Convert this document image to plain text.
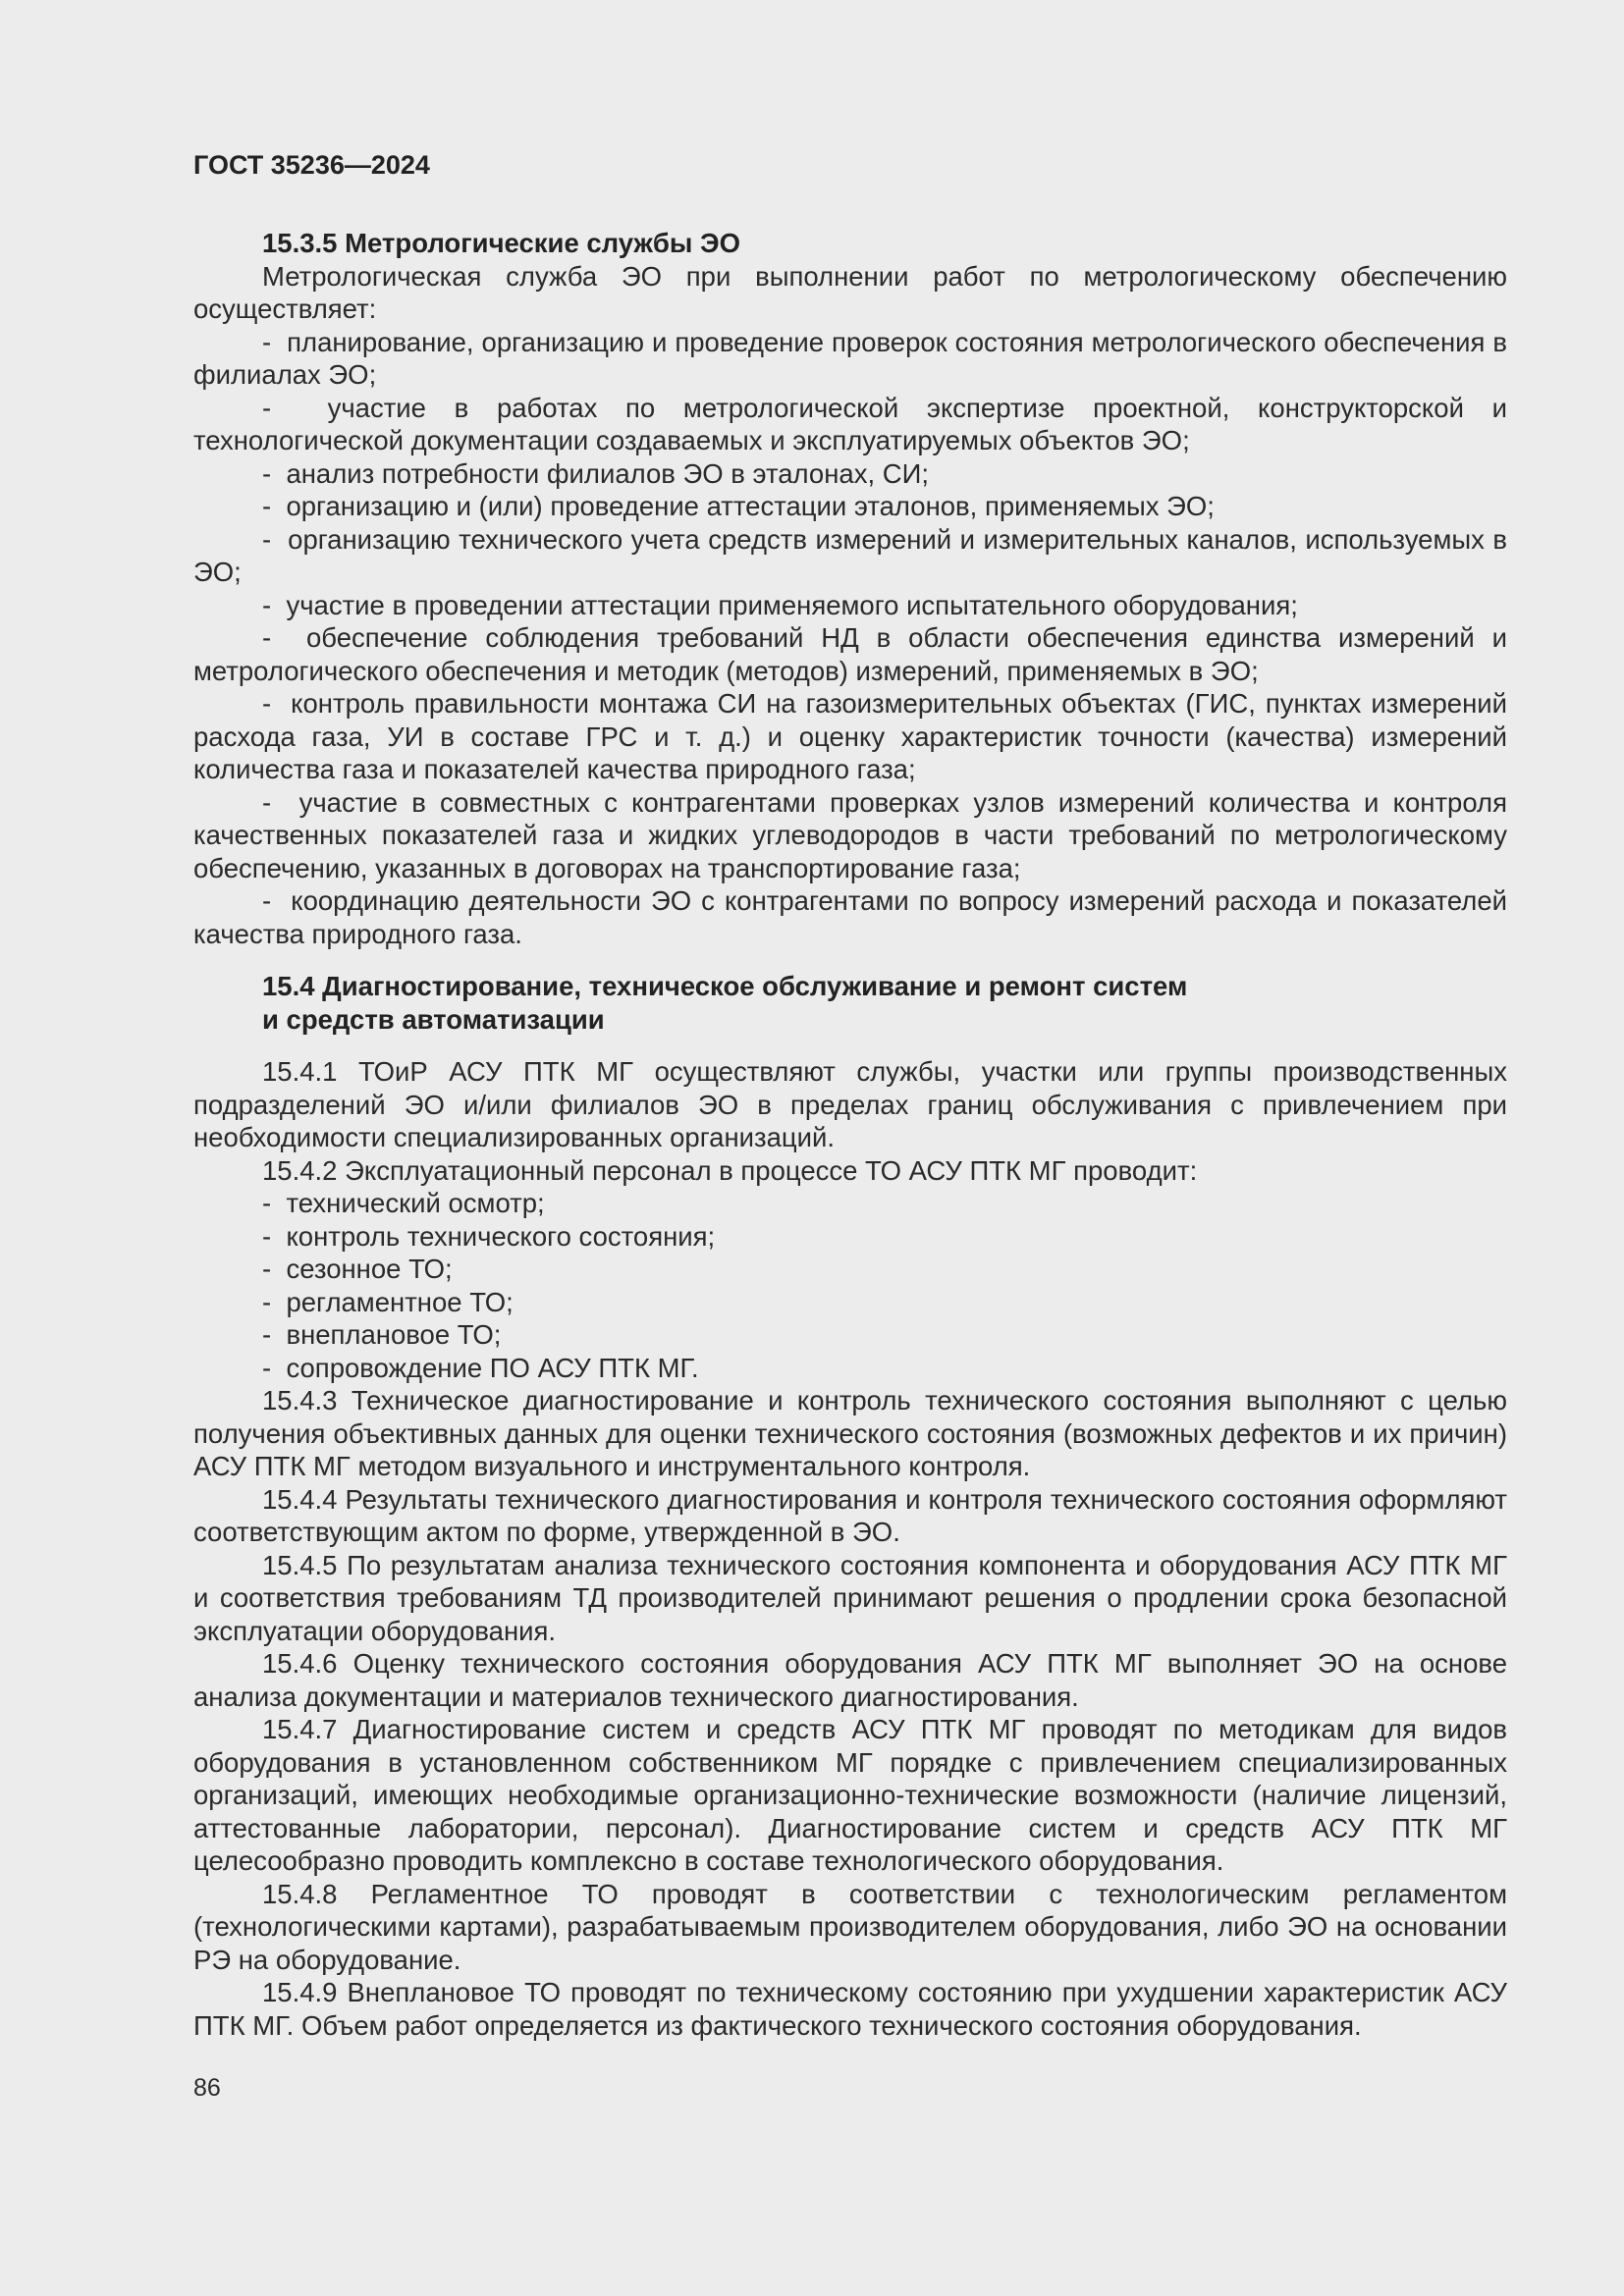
ГОСТ 35236—2024
15.3.5 Метрологические службы ЭО

Метрологическая служба ЭО при выполнении работ по метрологическому обеспечению осуществляет:

-  планирование, организацию и проведение проверок состояния метрологического обеспечения в филиалах ЭО;
-  участие в работах по метрологической экспертизе проектной, конструкторской и технологической документации создаваемых и эксплуатируемых объектов ЭО;
-  анализ потребности филиалов ЭО в эталонах, СИ;
-  организацию и (или) проведение аттестации эталонов, применяемых ЭО;
-  организацию технического учета средств измерений и измерительных каналов, используемых в ЭО;
-  участие в проведении аттестации применяемого испытательного оборудования;
-  обеспечение соблюдения требований НД в области обеспечения единства измерений и метрологического обеспечения и методик (методов) измерений, применяемых в ЭО;
-  контроль правильности монтажа СИ на газоизмерительных объектах (ГИС, пунктах измерений расхода газа, УИ в составе ГРС и т. д.) и оценку характеристик точности (качества) измерений количества газа и показателей качества природного газа;
-  участие в совместных с контрагентами проверках узлов измерений количества и контроля качественных показателей газа и жидких углеводородов в части требований по метрологическому обеспечению, указанных в договорах на транспортирование газа;
-  координацию деятельности ЭО с контрагентами по вопросу измерений расхода и показателей качества природного газа.
15.4 Диагностирование, техническое обслуживание и ремонт систем
и средств автоматизации

15.4.1 ТОиР АСУ ПТК МГ осуществляют службы, участки или группы производственных подразделений ЭО и/или филиалов ЭО в пределах границ обслуживания с привлечением при необходимости специализированных организаций.

15.4.2 Эксплуатационный персонал в процессе ТО АСУ ПТК МГ проводит:

-  технический осмотр;
-  контроль технического состояния;
-  сезонное ТО;
-  регламентное ТО;
-  внеплановое ТО;
-  сопровождение ПО АСУ ПТК МГ.

15.4.3 Техническое диагностирование и контроль технического состояния выполняют с целью получения объективных данных для оценки технического состояния (возможных дефектов и их причин) АСУ ПТК МГ методом визуального и инструментального контроля.

15.4.4 Результаты технического диагностирования и контроля технического состояния оформляют соответствующим актом по форме, утвержденной в ЭО.

15.4.5 По результатам анализа технического состояния компонента и оборудования АСУ ПТК МГ и соответствия требованиям ТД производителей принимают решения о продлении срока безопасной эксплуатации оборудования.

15.4.6 Оценку технического состояния оборудования АСУ ПТК МГ выполняет ЭО на основе анализа документации и материалов технического диагностирования.

15.4.7 Диагностирование систем и средств АСУ ПТК МГ проводят по методикам для видов оборудования в установленном собственником МГ порядке с привлечением специализированных организаций, имеющих необходимые организационно-технические возможности (наличие лицензий, аттестованные лаборатории, персонал). Диагностирование систем и средств АСУ ПТК МГ целесообразно проводить комплексно в составе технологического оборудования.

15.4.8 Регламентное ТО проводят в соответствии с технологическим регламентом (технологическими картами), разрабатываемым производителем оборудования, либо ЭО на основании РЭ на оборудование.

15.4.9 Внеплановое ТО проводят по техническому состоянию при ухудшении характеристик АСУ ПТК МГ. Объем работ определяется из фактического технического состояния оборудования.

86
